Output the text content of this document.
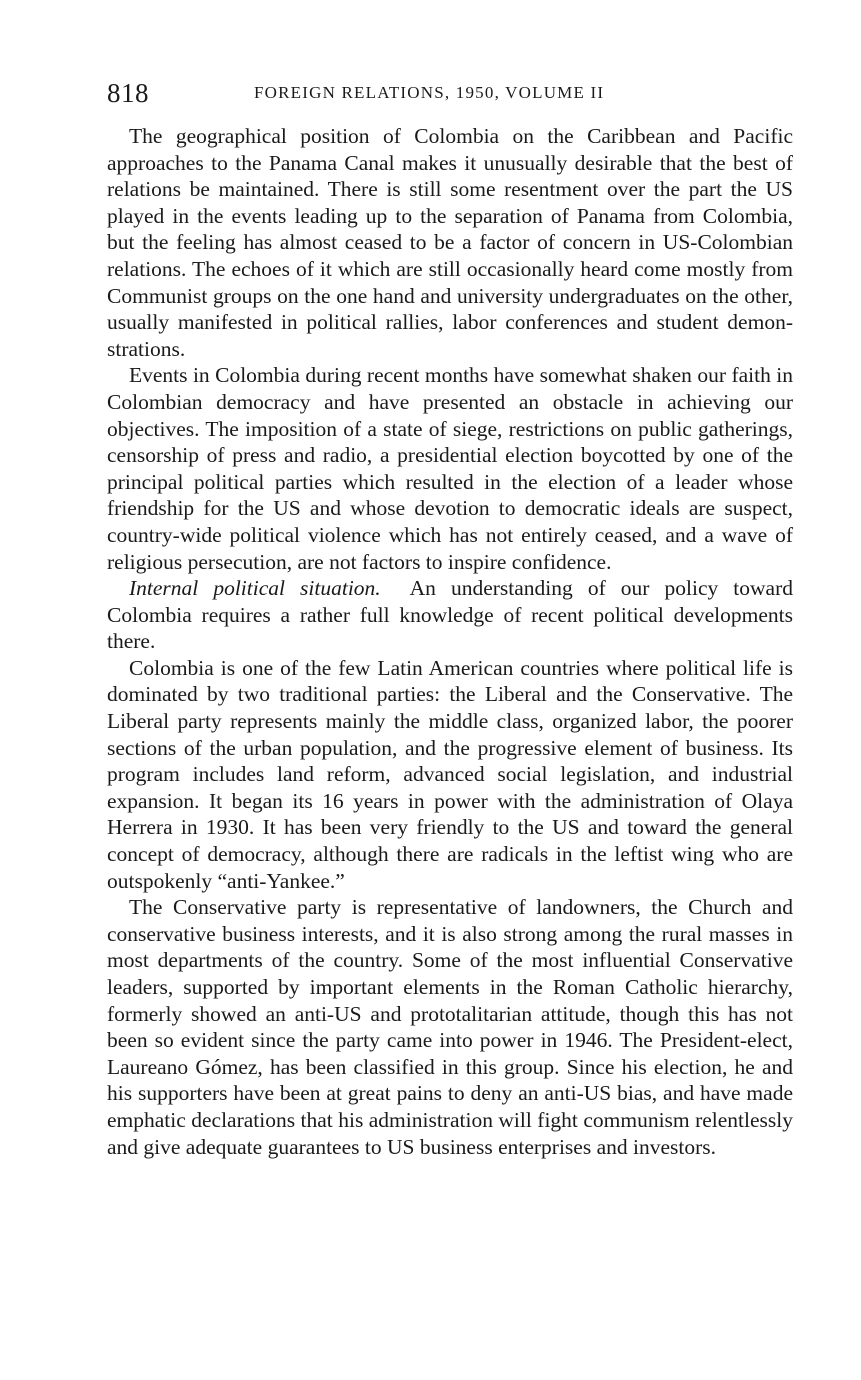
818	FOREIGN RELATIONS, 1950, VOLUME II

The geographical position of Colombia on the Caribbean and Pacific approaches to the Panama Canal makes it unusually desirable that the best of relations be maintained. There is still some resentment over the part the US played in the events leading up to the separation of Panama from Colombia, but the feeling has almost ceased to be a factor of concern in US-Colombian relations. The echoes of it which are still occasionally heard come mostly from Communist groups on the one hand and university undergraduates on the other, usually manifested in political rallies, labor conferences and student demonstrations.

Events in Colombia during recent months have somewhat shaken our faith in Colombian democracy and have presented an obstacle in achieving our objectives. The imposition of a state of siege, restrictions on public gatherings, censorship of press and radio, a presidential election boycotted by one of the principal political parties which resulted in the election of a leader whose friendship for the US and whose devotion to democratic ideals are suspect, country-wide political violence which has not entirely ceased, and a wave of religious persecution, are not factors to inspire confidence.

Internal political situation. An understanding of our policy toward Colombia requires a rather full knowledge of recent political developments there.

Colombia is one of the few Latin American countries where political life is dominated by two traditional parties: the Liberal and the Conservative. The Liberal party represents mainly the middle class, organized labor, the poorer sections of the urban population, and the progressive element of business. Its program includes land reform, advanced social legislation, and industrial expansion. It began its 16 years in power with the administration of Olaya Herrera in 1930. It has been very friendly to the US and toward the general concept of democracy, although there are radicals in the leftist wing who are outspokenly “anti-Yankee.”

The Conservative party is representative of landowners, the Church and conservative business interests, and it is also strong among the rural masses in most departments of the country. Some of the most influential Conservative leaders, supported by important elements in the Roman Catholic hierarchy, formerly showed an anti-US and prototalitarian attitude, though this has not been so evident since the party came into power in 1946. The President-elect, Laureano Gómez, has been classified in this group. Since his election, he and his supporters have been at great pains to deny an anti-US bias, and have made emphatic declarations that his administration will fight communism relentlessly and give adequate guarantees to US business enterprises and investors.
